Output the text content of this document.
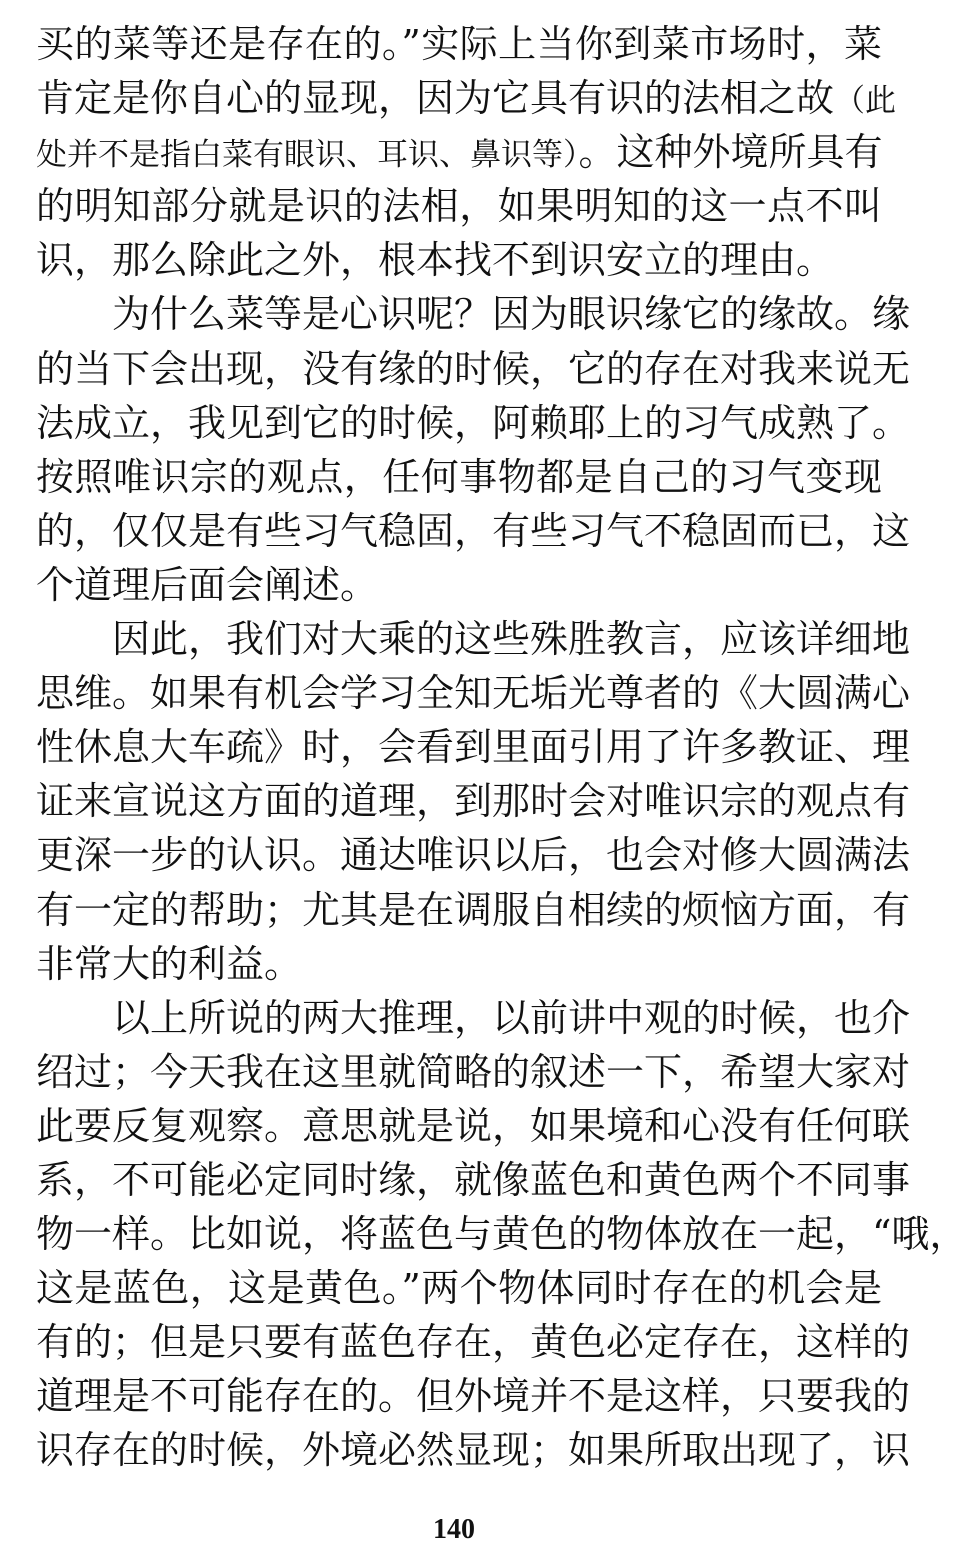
买的菜等还是存在的。”实际上当你到菜市场时，菜
肯定是你自心的显现，因为它具有识的法相之故（此
处并不是指白菜有眼识、耳识、鼻识等）。这种外境所具有
的明知部分就是识的法相，如果明知的这一点不叫
识，那么除此之外，根本找不到识安立的理由。
为什么菜等是心识呢？因为眼识缘它的缘故。缘
的当下会出现，没有缘的时候，它的存在对我来说无
法成立，我见到它的时候，阿赖耶上的习气成熟了。
按照唯识宗的观点，任何事物都是自己的习气变现
的，仅仅是有些习气稳固，有些习气不稳固而已，这
个道理后面会阐述。
因此，我们对大乘的这些殊胜教言，应该详细地
思维。如果有机会学习全知无垢光尊者的《大圆满心
性休息大车疏》时，会看到里面引用了许多教证、理
证来宣说这方面的道理，到那时会对唯识宗的观点有
更深一步的认识。通达唯识以后，也会对修大圆满法
有一定的帮助；尤其是在调服自相续的烦恼方面，有
非常大的利益。
以上所说的两大推理，以前讲中观的时候，也介
绍过；今天我在这里就简略的叙述一下，希望大家对
此要反复观察。意思就是说，如果境和心没有任何联
系，不可能必定同时缘，就像蓝色和黄色两个不同事
物一样。比如说，将蓝色与黄色的物体放在一起，“哦，
这是蓝色，这是黄色。”两个物体同时存在的机会是
有的；但是只要有蓝色存在，黄色必定存在，这样的
道理是不可能存在的。但外境并不是这样，只要我的
识存在的时候，外境必然显现；如果所取出现了，识
140
